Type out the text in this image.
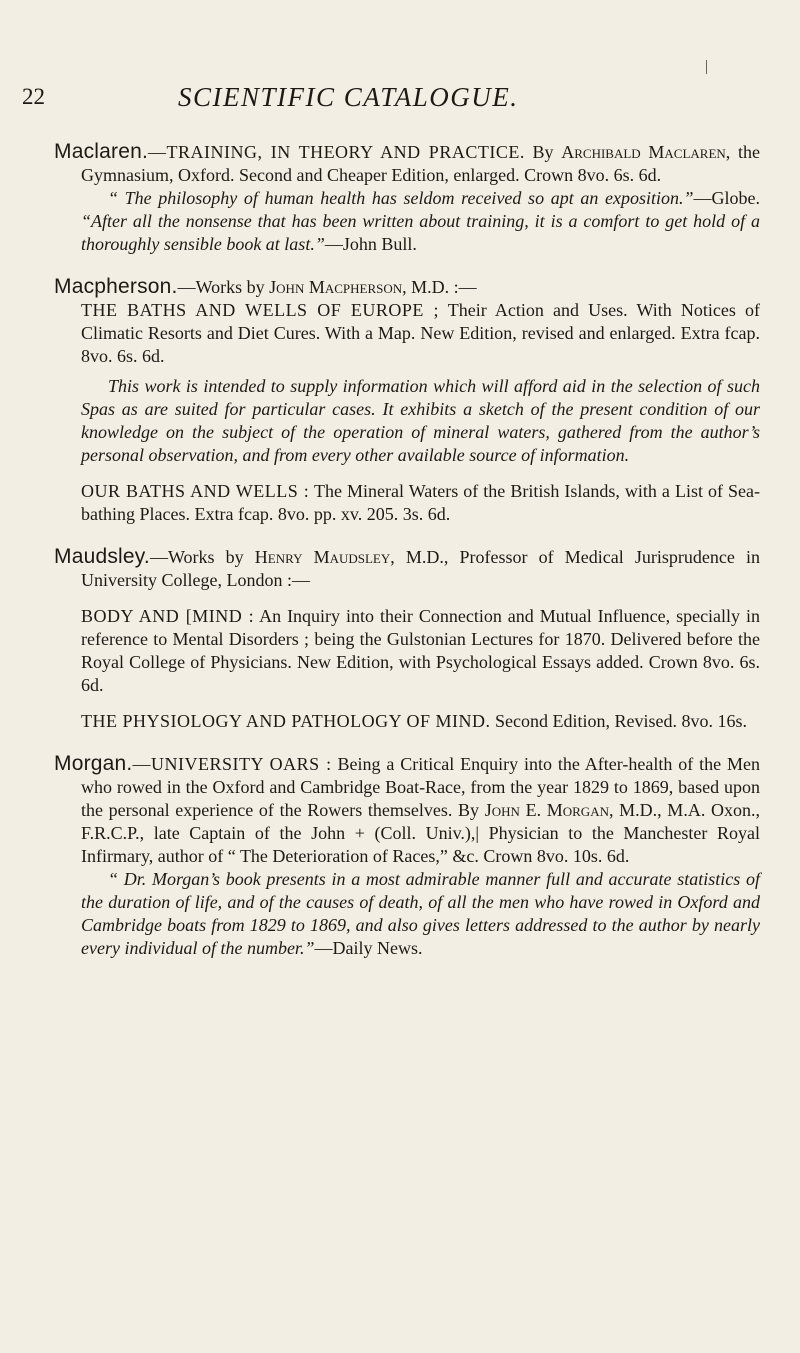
22	SCIENTIFIC CATALOGUE.
Maclaren.—TRAINING, IN THEORY AND PRACTICE. By Archibald Maclaren, the Gymnasium, Oxford. Second and Cheaper Edition, enlarged. Crown 8vo. 6s. 6d.
“ The philosophy of human health has seldom received so apt an exposition.”—Globe. “After all the nonsense that has been written about training, it is a comfort to get hold of a thoroughly sensible book at last.”—John Bull.
Macpherson.—Works by John Macpherson, M.D. :—
THE BATHS AND WELLS OF EUROPE ; Their Action and Uses. With Notices of Climatic Resorts and Diet Cures. With a Map. New Edition, revised and enlarged. Extra fcap. 8vo. 6s. 6d.
This work is intended to supply information which will afford aid in the selection of such Spas as are suited for particular cases. It exhibits a sketch of the present condition of our knowledge on the subject of the operation of mineral waters, gathered from the author’s personal observation, and from every other available source of information.
OUR BATHS AND WELLS : The Mineral Waters of the British Islands, with a List of Sea-bathing Places. Extra fcap. 8vo. pp. xv. 205. 3s. 6d.
Maudsley.—Works by Henry Maudsley, M.D., Professor of Medical Jurisprudence in University College, London :—
BODY AND [MIND : An Inquiry into their Connection and Mutual Influence, specially in reference to Mental Disorders ; being the Gulstonian Lectures for 1870. Delivered before the Royal College of Physicians. New Edition, with Psychological Essays added. Crown 8vo. 6s. 6d.
THE PHYSIOLOGY AND PATHOLOGY OF MIND. Second Edition, Revised. 8vo. 16s.
Morgan.—UNIVERSITY OARS : Being a Critical Enquiry into the After-health of the Men who rowed in the Oxford and Cambridge Boat-Race, from the year 1829 to 1869, based upon the personal experience of the Rowers themselves. By John E. Morgan, M.D., M.A. Oxon., F.R.C.P., late Captain of the John + (Coll. Univ.),| Physician to the Manchester Royal Infirmary, author of “ The Deterioration of Races,” &c. Crown 8vo. 10s. 6d.
“ Dr. Morgan’s book presents in a most admirable manner full and accurate statistics of the duration of life, and of the causes of death, of all the men who have rowed in Oxford and Cambridge boats from 1829 to 1869, and also gives letters addressed to the author by nearly every individual of the number.”—Daily News.
